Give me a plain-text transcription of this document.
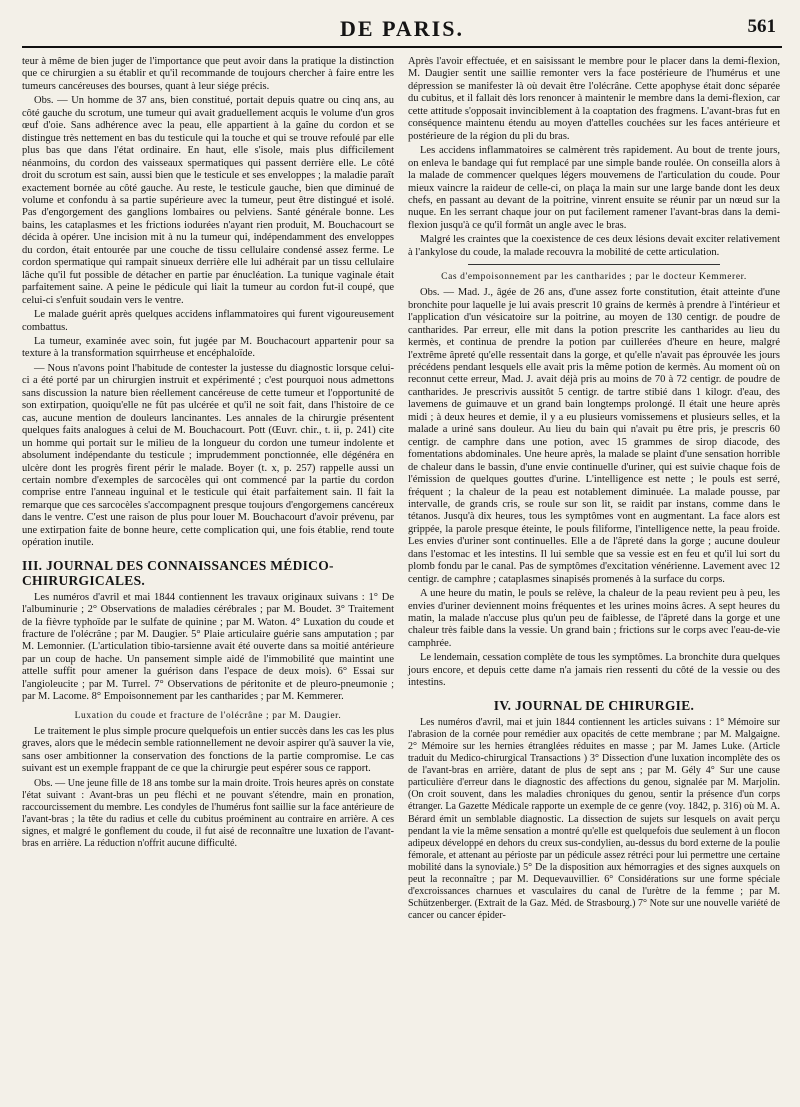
DE PARIS.	561

teur à même de bien juger de l'importance que peut avoir dans la pratique la distinction que ce chirurgien a su établir et qu'il recommande de toujours chercher à faire entre les tumeurs cancéreuses des bourses, quant à leur siége précis.

Obs. — Un homme de 37 ans, bien constitué, portait depuis quatre ou cinq ans, au côté gauche du scrotum, une tumeur qui avait graduellement acquis le volume d'un gros œuf d'oie. Sans adhérence avec la peau, elle appartient à la gaîne du cordon et se distingue très nettement en bas du testicule qui la touche et qui se trouve refoulé par elle plus bas que dans l'état ordinaire. En haut, elle s'isole, mais plus difficilement néanmoins, du cordon des vaisseaux spermatiques qui passent derrière elle. Le côté droit du scrotum est sain, aussi bien que le testicule et ses enveloppes ; la maladie paraît exactement bornée au côté gauche. Au reste, le testicule gauche, bien que diminué de volume et confondu à sa partie supérieure avec la tumeur, peut être distingué et isolé. Pas d'engorgement des ganglions lombaires ou pelviens. Santé générale bonne. Les bains, les cataplasmes et les frictions iodurées n'ayant rien produit, M. Bouchacourt se décida à opérer. Une incision mit à nu la tumeur qui, indépendamment des enveloppes du cordon, était entourée par une couche de tissu cellulaire condensé assez ferme. Le cordon spermatique qui rampait sinueux derrière elle lui adhérait par un tissu cellulaire lâche qu'il fut possible de détacher en partie par énucléation. La tunique vaginale était parfaitement saine. A peine le pédicule qui liait la tumeur au cordon fut-il coupé, que celui-ci s'enfuit soudain vers le ventre.

Le malade guérit après quelques accidens inflammatoires qui furent vigoureusement combattus.

La tumeur, examinée avec soin, fut jugée par M. Bouchacourt appartenir pour sa texture à la transformation squirrheuse et encéphaloïde.

— Nous n'avons point l'habitude de contester la justesse du diagnostic lorsque celui-ci a été porté par un chirurgien instruit et expérimenté ; c'est pourquoi nous admettons sans discussion la nature bien réellement cancéreuse de cette tumeur et l'opportunité de son extirpation, quoiqu'elle ne fût pas ulcérée et qu'il ne soit fait, dans l'histoire de ce cas, aucune mention de douleurs lancinantes. Les annales de la chirurgie présentent quelques faits analogues à celui de M. Bouchacourt. Pott (Œuvr. chir., t. ii, p. 241) cite un homme qui portait sur le milieu de la longueur du cordon une tumeur indolente et absolument indépendante du testicule ; imprudemment ponctionnée, elle dégénéra en ulcère dont les progrès firent périr le malade. Boyer (t. x, p. 257) rappelle aussi un certain nombre d'exemples de sarcocèles qui ont commencé par la partie du cordon comprise entre l'anneau inguinal et le testicule qui était parfaitement sain. Il fait la remarque que ces sarcocèles s'accompagnent presque toujours d'engorgemens cancéreux dans le ventre. C'est une raison de plus pour louer M. Bouchacourt d'avoir prévenu, par une extirpation faite de bonne heure, cette complication qui, une fois établie, rend toute opération inutile.

III. JOURNAL DES CONNAISSANCES MÉDICO-CHIRURGICALES.

Les numéros d'avril et mai 1844 contiennent les travaux originaux suivans : 1° De l'albuminurie ; 2° Observations de maladies cérébrales ; par M. Boudet. 3° Traitement de la fièvre typhoïde par le sulfate de quinine ; par M. Waton. 4° Luxation du coude et fracture de l'olécrâne ; par M. Daugier. 5° Plaie articulaire guérie sans amputation ; par M. Lemonnier. (L'articulation tibio-tarsienne avait été ouverte dans sa moitié antérieure par un coup de hache. Un pansement simple aidé de l'immobilité que maintint une attelle suffit pour amener la guérison dans l'espace de deux mois). 6° Essai sur l'angioleucite ; par M. Turrel. 7° Observations de péritonite et de pleuro-pneumonie ; par M. Lacome. 8° Empoisonnement par les cantharides ; par M. Kemmerer.

Luxation du coude et fracture de l'olécrâne ; par M. Daugier.

Le traitement le plus simple procure quelquefois un entier succès dans les cas les plus graves, alors que le médecin semble rationnellement ne devoir aspirer qu'à sauver la vie, sans oser ambitionner la conservation des fonctions de la partie compromise. Le cas suivant est un exemple frappant de ce que la chirurgie peut espérer sous ce rapport.

Obs. — Une jeune fille de 18 ans tombe sur la main droite. Trois heures après on constate l'état suivant : Avant-bras un peu fléchi et ne pouvant s'étendre, main en pronation, raccourcissement du membre. Les condyles de l'humérus font saillie sur la face antérieure de l'avant-bras ; la tête du radius et celle du cubitus proéminent au contraire en arrière. A ces signes, et malgré le gonflement du coude, il fut aisé de reconnaître une luxation de l'avant-bras en arrière. La réduction n'offrit aucune difficulté.

Après l'avoir effectuée, et en saisissant le membre pour le placer dans la demi-flexion, M. Daugier sentit une saillie remonter vers la face postérieure de l'humérus et une dépression se manifester là où devait être l'olécrâne. Cette apophyse était donc séparée du cubitus, et il fallait dès lors renoncer à maintenir le membre dans la demi-flexion, car cette attitude s'opposait invinciblement à la coaptation des fragmens. L'avant-bras fut en conséquence maintenu étendu au moyen d'attelles couchées sur les faces antérieure et postérieure de la région du pli du bras.

Les accidens inflammatoires se calmèrent très rapidement. Au bout de trente jours, on enleva le bandage qui fut remplacé par une simple bande roulée. On conseilla alors à la malade de commencer quelques légers mouvemens de l'articulation du coude. Pour mieux vaincre la raideur de celle-ci, on plaça la main sur une large bande dont les deux chefs, en passant au devant de la poitrine, vinrent ensuite se réunir par un nœud sur la nuque. En les serrant chaque jour on put facilement ramener l'avant-bras dans la demi-flexion jusqu'à ce qu'il formât un angle avec le bras.

Malgré les craintes que la coexistence de ces deux lésions devait exciter relativement à l'ankylose du coude, la malade recouvra la mobilité de cette articulation.

Cas d'empoisonnement par les cantharides ; par le docteur Kemmerer.

Obs. — Mad. J., âgée de 26 ans, d'une assez forte constitution, était atteinte d'une bronchite pour laquelle je lui avais prescrit 10 grains de kermès à prendre à l'intérieur et l'application d'un vésicatoire sur la poitrine, au moyen de 130 centigr. de poudre de cantharides. Par erreur, elle mit dans la potion prescrite les cantharides au lieu du kermès, et continua de prendre la potion par cuillerées d'heure en heure, malgré l'extrême âpreté qu'elle ressentait dans la gorge, et qu'elle n'avait pas éprouvée les jours précédens pendant lesquels elle avait pris la même potion de kermès. Au moment où on reconnut cette erreur, Mad. J. avait déjà pris au moins de 70 à 72 centigr. de poudre de cantharides. Je prescrivis aussitôt 5 centigr. de tartre stibié dans 1 kilogr. d'eau, des lavemens de guimauve et un grand bain longtemps prolongé. Il était une heure après midi ; à deux heures et demie, il y a eu plusieurs vomissemens et plusieurs selles, et la malade a uriné sans douleur. Au lieu du bain qui n'avait pu être pris, je prescris 60 centigr. de camphre dans une potion, avec 15 grammes de sirop diacode, des fomentations abdominales. Une heure après, la malade se plaint d'une sensation horrible de chaleur dans le bassin, d'une envie continuelle d'uriner, qui est suivie chaque fois de l'émission de quelques gouttes d'urine. L'intelligence est nette ; le pouls est serré, fréquent ; la chaleur de la peau est notablement diminuée. La malade pousse, par intervalle, de grands cris, se roule sur son lit, se raidit par instans, comme dans le tétanos. Jusqu'à dix heures, tous les symptômes vont en augmentant. La face alors est grippée, la parole presque éteinte, le pouls filiforme, l'intelligence nette, la peau froide. Les envies d'uriner sont continuelles. Elle a de l'âpreté dans la gorge ; aucune douleur dans l'estomac et les intestins. Il lui semble que sa vessie est en feu et qu'il lui sort du plomb fondu par le canal. Pas de symptômes d'excitation vénérienne. Lavement avec 12 centigr. de camphre ; cataplasmes sinapisés promenés à la surface du corps.

A une heure du matin, le pouls se relève, la chaleur de la peau revient peu à peu, les envies d'uriner deviennent moins fréquentes et les urines moins âcres. A sept heures du matin, la malade n'accuse plus qu'un peu de faiblesse, de l'âpreté dans la gorge et une chaleur très faible dans la vessie. Un grand bain ; frictions sur le corps avec l'eau-de-vie camphrée.

Le lendemain, cessation complète de tous les symptômes. La bronchite dura quelques jours encore, et depuis cette dame n'a jamais rien ressenti du côté de la vessie ou des intestins.

IV. JOURNAL DE CHIRURGIE.

Les numéros d'avril, mai et juin 1844 contiennent les articles suivans : 1° Mémoire sur l'abrasion de la cornée pour remédier aux opacités de cette membrane ; par M. Malgaigne. 2° Mémoire sur les hernies étranglées réduites en masse ; par M. James Luke. (Article traduit du Medico-chirurgical Transactions ) 3° Dissection d'une luxation incomplète des os de l'avant-bras en arrière, datant de plus de sept ans ; par M. Gély 4° Sur une cause particulière d'erreur dans le diagnostic des affections du genou, signalée par M. Marjolin. (On croit souvent, dans les maladies chroniques du genou, sentir la présence d'un corps étranger. La Gazette Médicale rapporte un exemple de ce genre (voy. 1842, p. 316) où M. A. Bérard émit un semblable diagnostic. La dissection de sujets sur lesquels on avait perçu pendant la vie la même sensation a montré qu'elle est quelquefois due seulement à un flocon adipeux développé en dehors du creux sus-condylien, au-dessus du bord externe de la poulie fémorale, et attenant au périoste par un pédicule assez rétréci pour lui permettre une certaine mobilité dans la synoviale.) 5° De la disposition aux hémorragies et des signes auxquels on peut la reconnaître ; par M. Dequevauvillier. 6° Considérations sur une forme spéciale d'excroissances charnues et vasculaires du canal de l'urètre de la femme ; par M. Schützenberger. (Extrait de la Gaz. Méd. de Strasbourg.) 7° Note sur une nouvelle variété de cancer ou cancer épider-
